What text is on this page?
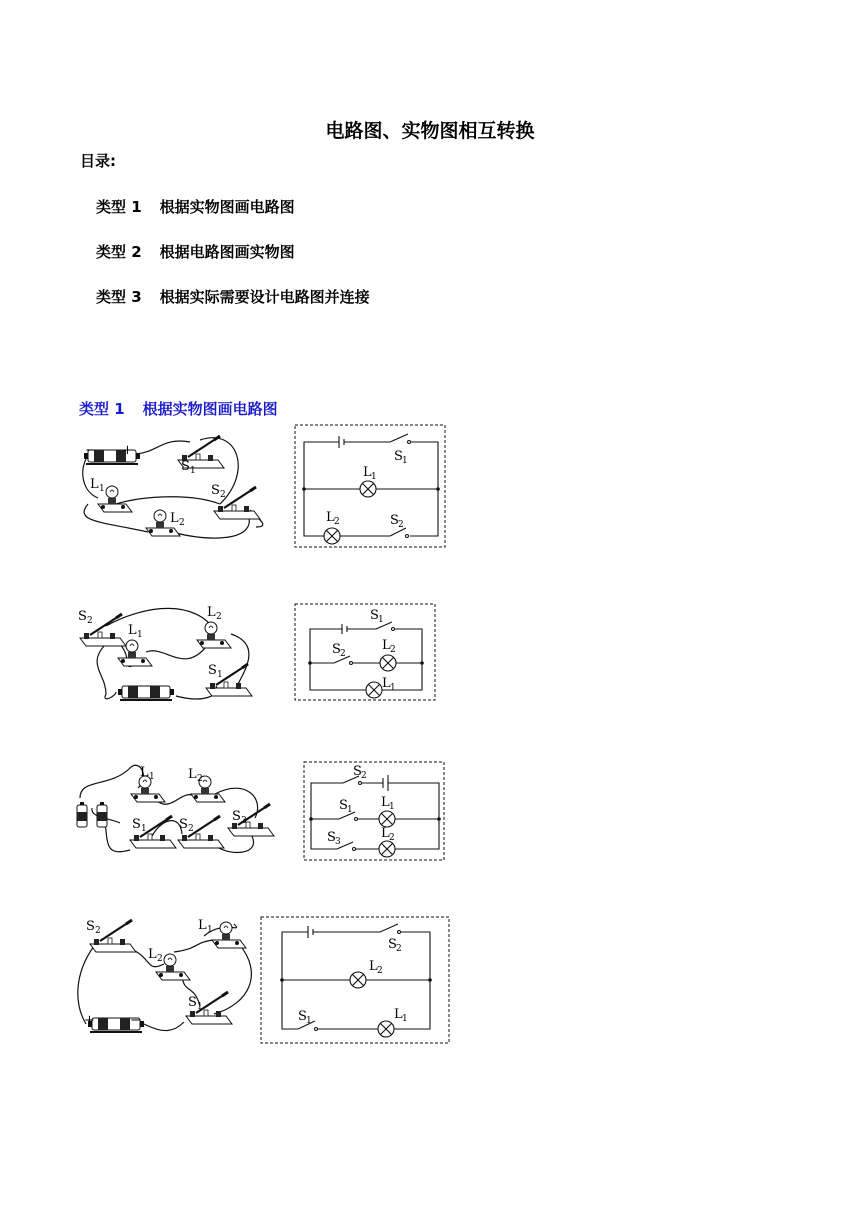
电路图、实物图相互转换
目录:
类型 1 根据实物图画电路图
类型 2 根据电路图画实物图
类型 3 根据实际需要设计电路图并连接
类型 1 根据实物图画电路图
− +
S 1
L 1	S 2
L 2
S 1
L 1
L 2	S 2
S 2
L 1
L 2
S 1
S 1
S 2
L 2
L 1
L 1	L 2
S 3
S 1 S 2
S 2
S 1 L 1
S 3
L 2
S 2	L 1
L 2
S 1
+	−
S 2
L 2
S 1	L 1
